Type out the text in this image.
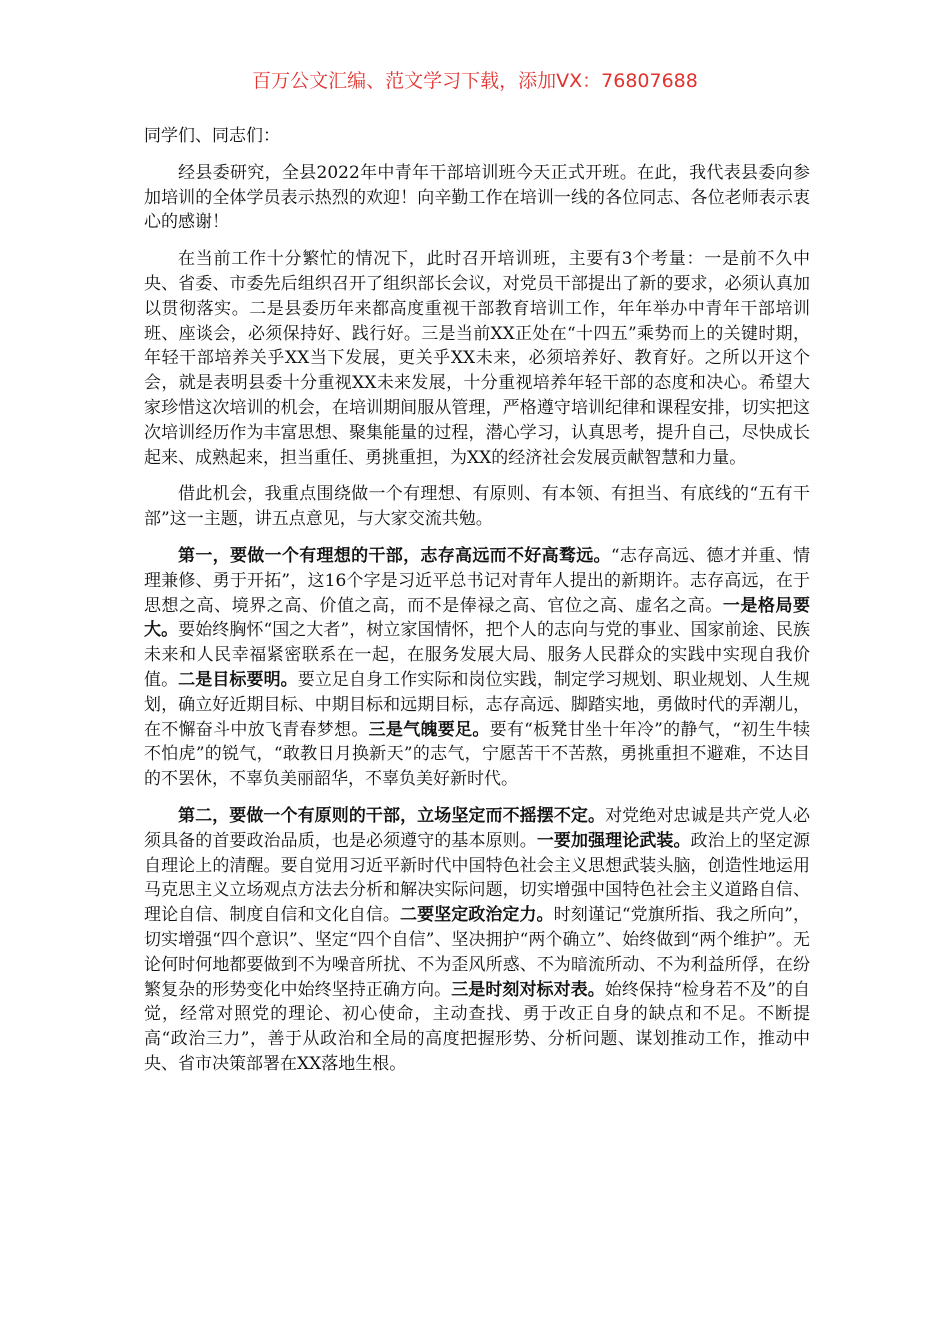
百万公文汇编、范文学习下载，添加VX：76807688
同学们、同志们：

经县委研究，全县2022年中青年干部培训班今天正式开班。在此，我代表县委向参加培训的全体学员表示热烈的欢迎！向辛勤工作在培训一线的各位同志、各位老师表示衷心的感谢！

在当前工作十分繁忙的情况下，此时召开培训班，主要有3个考量：一是前不久中央、省委、市委先后组织召开了组织部长会议，对党员干部提出了新的要求，必须认真加以贯彻落实。二是县委历年来都高度重视干部教育培训工作，年年举办中青年干部培训班、座谈会，必须保持好、践行好。三是当前XX正处在“十四五”乘势而上的关键时期，年轻干部培养关乎XX当下发展，更关乎XX未来，必须培养好、教育好。之所以开这个会，就是表明县委十分重视XX未来发展，十分重视培养年轻干部的态度和决心。希望大家珍惜这次培训的机会，在培训期间服从管理，严格遵守培训纪律和课程安排，切实把这次培训经历作为丰富思想、聚集能量的过程，潜心学习，认真思考，提升自己，尽快成长起来、成熟起来，担当重任、勇挑重担，为XX的经济社会发展贡献智慧和力量。

借此机会，我重点围绕做一个有理想、有原则、有本领、有担当、有底线的“五有干部”这一主题，讲五点意见，与大家交流共勉。

第一，要做一个有理想的干部，志存高远而不好高骛远。“志存高远、德才并重、情理兼修、勇于开拓”，这16个字是习近平总书记对青年人提出的新期许。志存高远，在于思想之高、境界之高、价值之高，而不是俸禄之高、官位之高、虚名之高。一是格局要大。要始终胸怀“国之大者”，树立家国情怀，把个人的志向与党的事业、国家前途、民族未来和人民幸福紧密联系在一起，在服务发展大局、服务人民群众的实践中实现自我价值。二是目标要明。要立足自身工作实际和岗位实践，制定学习规划、职业规划、人生规划，确立好近期目标、中期目标和远期目标，志存高远、脚踏实地，勇做时代的弄潮儿，在不懈奋斗中放飞青春梦想。三是气魄要足。要有“板凳甘坐十年冷”的静气，“初生牛犊不怕虎”的锐气，“敢教日月换新天”的志气，宁愿苦干不苦熬，勇挑重担不避难，不达目的不罢休，不辜负美丽韶华，不辜负美好新时代。

第二，要做一个有原则的干部，立场坚定而不摇摆不定。对党绝对忠诚是共产党人必须具备的首要政治品质，也是必须遵守的基本原则。一要加强理论武装。政治上的坚定源自理论上的清醒。要自觉用习近平新时代中国特色社会主义思想武装头脑，创造性地运用马克思主义立场观点方法去分析和解决实际问题，切实增强中国特色社会主义道路自信、理论自信、制度自信和文化自信。二要坚定政治定力。时刻谨记“党旗所指、我之所向”，切实增强“四个意识”、坚定“四个自信”、坚决拥护“两个确立”、始终做到“两个维护”。无论何时何地都要做到不为噪音所扰、不为歪风所惑、不为暗流所动、不为利益所俘，在纷繁复杂的形势变化中始终坚持正确方向。三是时刻对标对表。始终保持“检身若不及”的自觉，经常对照党的理论、初心使命，主动查找、勇于改正自身的缺点和不足。不断提高“政治三力”，善于从政治和全局的高度把握形势、分析问题、谋划推动工作，推动中央、省市决策部署在XX落地生根。
